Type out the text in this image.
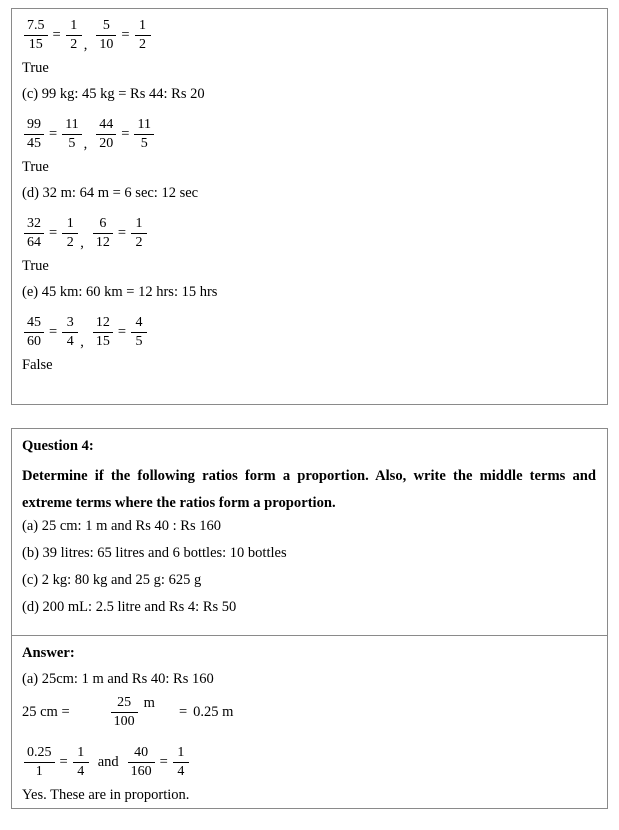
$\frac{7.5}{15} = \frac{1}{2}$ , $\frac{5}{10} = \frac{1}{2}$
True
(c) 99 kg: 45 kg = Rs 44: Rs 20
$\frac{99}{45} = \frac{11}{5}$ , $\frac{44}{20} = \frac{11}{5}$
True
(d) 32 m: 64 m = 6 sec: 12 sec
$\frac{32}{64} = \frac{1}{2}$ , $\frac{6}{12} = \frac{1}{2}$
True
(e) 45 km: 60 km = 12 hrs: 15 hrs
$\frac{45}{60} = \frac{3}{4}$ , $\frac{12}{15} = \frac{4}{5}$
False
Question 4:
Determine if the following ratios form a proportion. Also, write the middle terms and extreme terms where the ratios form a proportion.
(a) 25 cm: 1 m and Rs 40 : Rs 160
(b) 39 litres: 65 litres and 6 bottles: 10 bottles
(c) 2 kg: 80 kg and 25 g: 625 g
(d) 200 mL: 2.5 litre and Rs 4: Rs 50
Answer:
(a) 25cm: 1 m and Rs 40: Rs 160
25 cm =	$\frac{25}{100}$ m
= 0.25 m
$\frac{0.25}{1} = \frac{1}{4}$ and $\frac{40}{160} = \frac{1}{4}$
Yes. These are in proportion.
